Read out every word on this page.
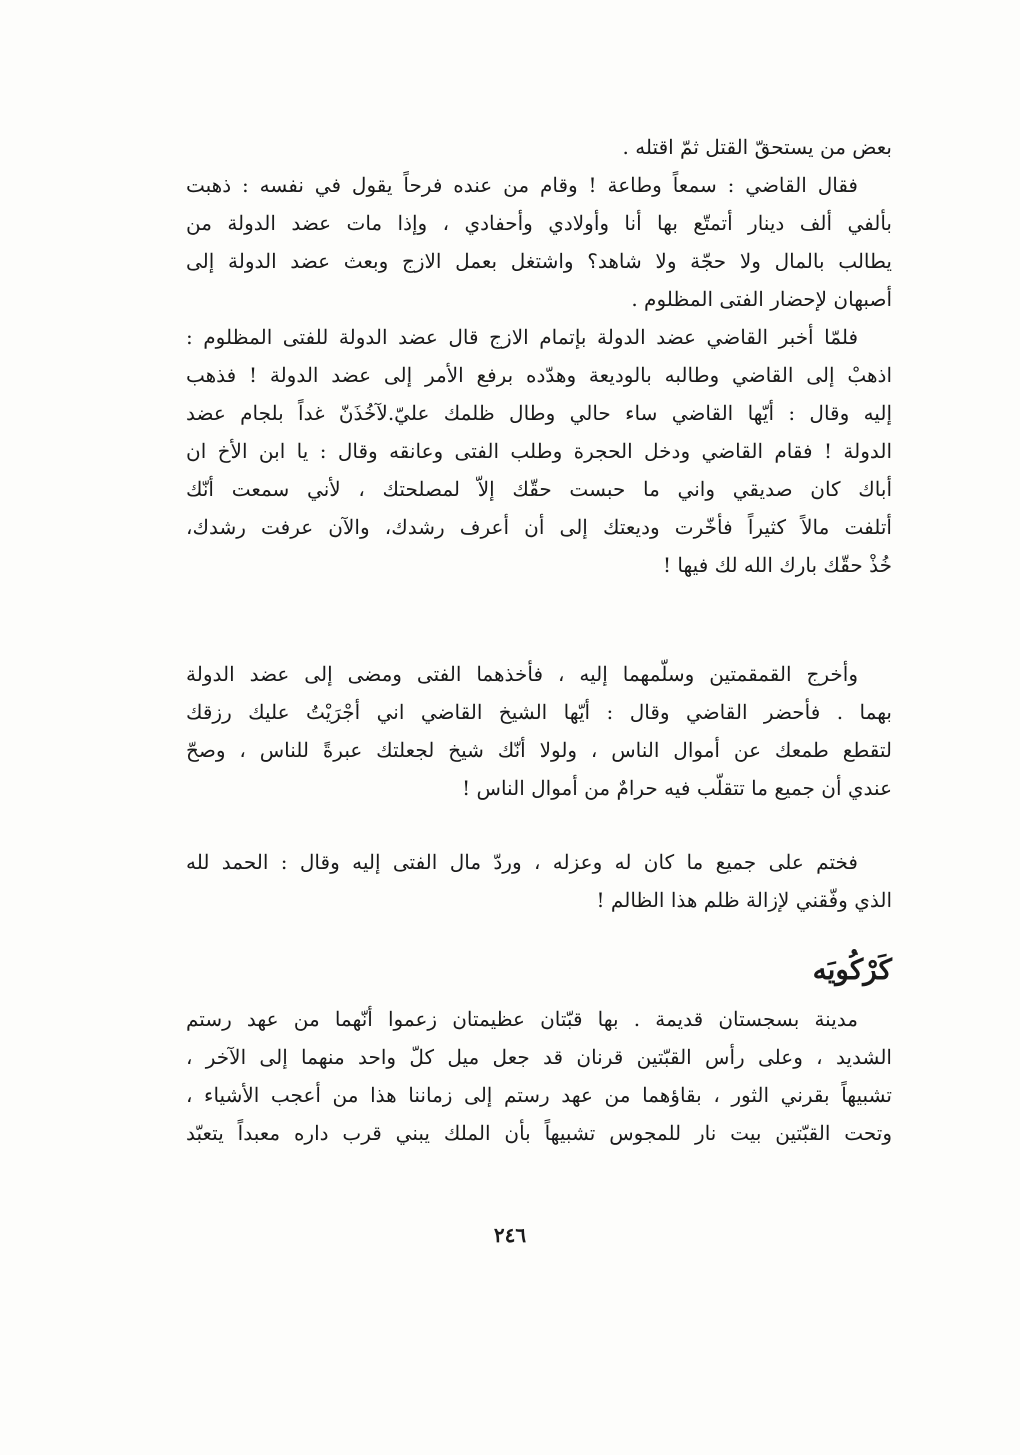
بعض من يستحقّ القتل ثمّ اقتله .
فقال القاضي : سمعاً وطاعة ! وقام من عنده فرحاً يقول في نفسه : ذهبت
بألفي ألف دينار أتمتّع بها أنا وأولادي وأحفادي ، وإذا مات عضد الدولة من
يطالب بالمال ولا حجّة ولا شاهد؟ واشتغل بعمل الازج وبعث عضد الدولة إلى
أصبهان لإحضار الفتى المظلوم .
فلمّا أخبر القاضي عضد الدولة بإتمام الازج قال عضد الدولة للفتى المظلوم :
اذهبْ إلى القاضي وطالبه بالوديعة وهدّده برفع الأمر إلى عضد الدولة ! فذهب
إليه وقال : أيّها القاضي ساء حالي وطال ظلمك عليّ.لآخُذَنّ غداً بلجام عضد
الدولة ! فقام القاضي ودخل الحجرة وطلب الفتى وعانقه وقال : يا ابن الأخ ان
أباك كان صديقي واني ما حبست حقّك إلاّ لمصلحتك ، لأني سمعت أنّك
أتلفت مالاً كثيراً فأخّرت وديعتك إلى أن أعرف رشدك، والآن عرفت رشدك،
خُذْ حقّك بارك الله لك فيها !
وأخرج القمقمتين وسلّمهما إليه ، فأخذهما الفتى ومضى إلى عضد الدولة
بهما . فأحضر القاضي وقال : أيّها الشيخ القاضي اني أجْرَيْتُ عليك رزقك
لتقطع طمعك عن أموال الناس ، ولولا أنّك شيخ لجعلتك عبرةً للناس ، وصحّ
عندي أن جميع ما تتقلّب فيه حرامٌ من أموال الناس !
فختم على جميع ما كان له وعزله ، وردّ مال الفتى إليه وقال : الحمد لله
الذي وفّقني لإزالة ظلم هذا الظالم !
كَرْكُويَه
مدينة بسجستان قديمة . بها قبّتان عظيمتان زعموا أنّهما من عهد رستم
الشديد ، وعلى رأس القبّتين قرنان قد جعل ميل كلّ واحد منهما إلى الآخر ،
تشبيهاً بقرني الثور ، بقاؤهما من عهد رستم إلى زماننا هذا من أعجب الأشياء ،
وتحت القبّتين بيت نار للمجوس تشبيهاً بأن الملك يبني قرب داره معبداً يتعبّد
٢٤٦
